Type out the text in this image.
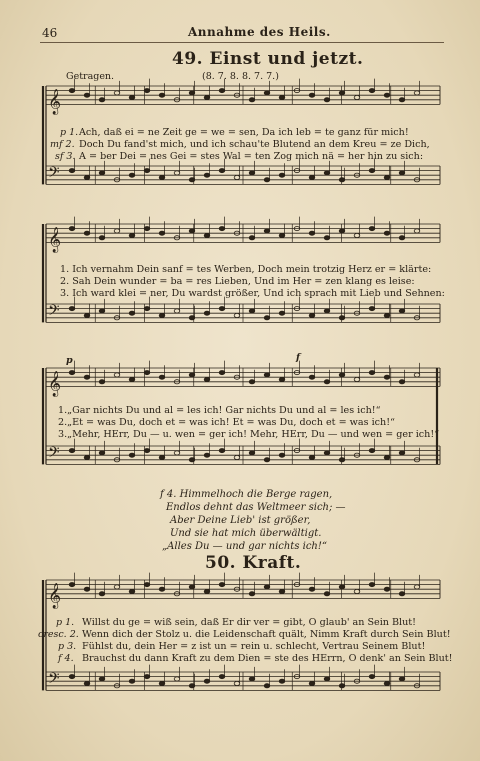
46	Annahme des Heils.
49. Einst und jetzt.
Getragen.	(8. 7. 8. 8. 7. 7.)
𝄞
𝄢
𝄞
𝄢
𝄞
𝄢
𝄞
𝄢
p 1.
mf 2.
sf 3.
Ach, daß ei = ne Zeit ge = we = sen, Da ich leb = te ganz für mich!
Doch Du fand'st mich, und ich schau'te Blutend an dem Kreu = ze Dich,
A = ber Dei = nes Gei = stes Wal = ten Zog mich nä = her hin zu sich:
1. Ich vernahm Dein sanf = tes Werben, Doch mein trotzig Herz er = klärte:
2. Sah Dein wunder = ba = res Lieben, Und im Her = zen klang es leise:
3. Ich ward klei = ner, Du wardst größer, Und ich sprach mit Lieb und Sehnen:
p	f
1.„Gar nichts Du und al = les ich! Gar nichts Du und al = les ich!“
2.„Et = was Du, doch et = was ich! Et = was Du, doch et = was ich!“
3.„Mehr, HErr, Du — u. wen = ger ich! Mehr, HErr, Du — und wen = ger ich!“
f 4. Himmelhoch die Berge ragen,
Endlos dehnt das Weltmeer sich; —
Aber Deine Lieb' ist größer,
Und sie hat mich überwältigt.
„Alles Du — und gar nichts ich!“
50. Kraft.
p 1.
cresc. 2.
p 3.
f 4.
Willst du ge = wiß sein, daß Er dir ver = gibt, O glaub' an Sein Blut!
Wenn dich der Stolz u. die Leidenschaft quält, Nimm Kraft durch Sein Blut!
Fühlst du, dein Her = z ist un = rein u. schlecht, Vertrau Seinem Blut!
Brauchst du dann Kraft zu dem Dien = ste des HErrn, O denk' an Sein Blut!
